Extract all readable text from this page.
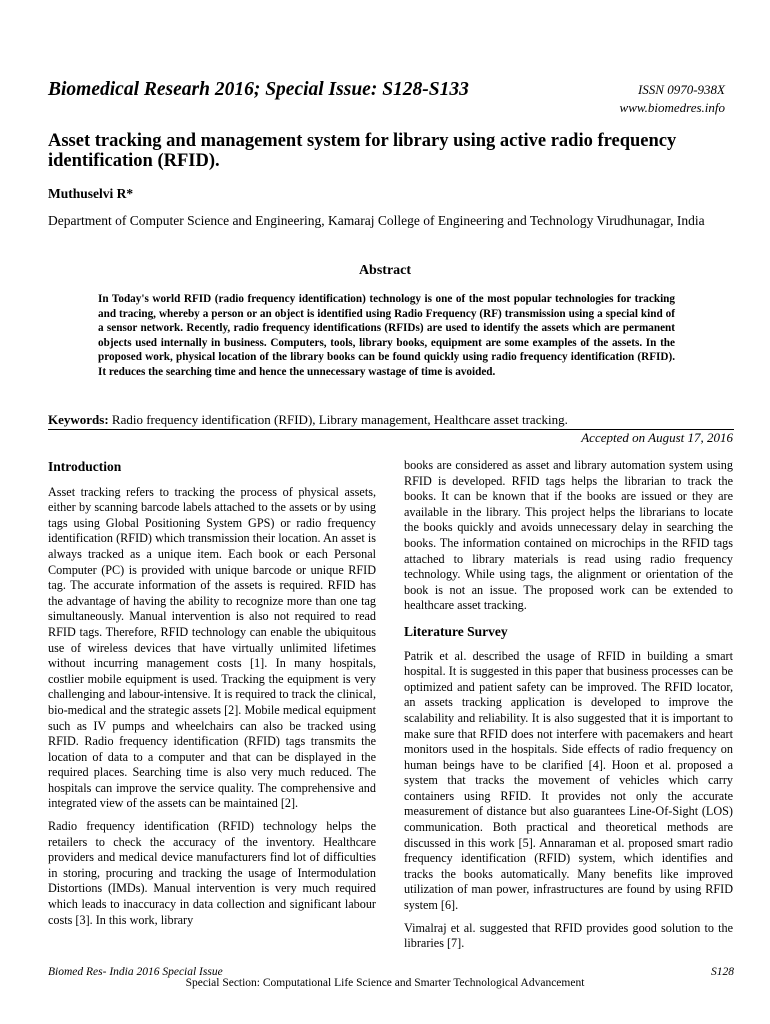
Biomedical Researh 2016; Special Issue: S128-S133	ISSN 0970-938X
www.biomedres.info
Asset tracking and management system for library using active radio frequency identification (RFID).
Muthuselvi R*
Department of Computer Science and Engineering, Kamaraj College of Engineering and Technology Virudhunagar, India
Abstract
In Today's world RFID (radio frequency identification) technology is one of the most popular technologies for tracking and tracing, whereby a person or an object is identified using Radio Frequency (RF) transmission using a special kind of a sensor network. Recently, radio frequency identifications (RFIDs) are used to identify the assets which are permanent objects used internally in business. Computers, tools, library books, equipment are some examples of the assets. In the proposed work, physical location of the library books can be found quickly using radio frequency identification (RFID). It reduces the searching time and hence the unnecessary wastage of time is avoided.
Keywords: Radio frequency identification (RFID), Library management, Healthcare asset tracking.
Accepted on August 17, 2016
Introduction

Asset tracking refers to tracking the process of physical assets, either by scanning barcode labels attached to the assets or by using tags using Global Positioning System GPS) or radio frequency identification (RFID) which transmission their location. An asset is always tracked as a unique item. Each book or each Personal Computer (PC) is provided with unique barcode or unique RFID tag. The accurate information of the assets is required. RFID has the advantage of having the ability to recognize more than one tag simultaneously. Manual intervention is also not required to read RFID tags. Therefore, RFID technology can enable the ubiquitous use of wireless devices that have virtually unlimited lifetimes without incurring management costs [1]. In many hospitals, costlier mobile equipment is used. Tracking the equipment is very challenging and labour-intensive. It is required to track the clinical, bio-medical and the strategic assets [2]. Mobile medical equipment such as IV pumps and wheelchairs can also be tracked using RFID. Radio frequency identification (RFID) tags transmits the location of data to a computer and that can be displayed in the required places. Searching time is also very much reduced. The hospitals can improve the service quality. The comprehensive and integrated view of the assets can be maintained [2].

Radio frequency identification (RFID) technology helps the retailers to check the accuracy of the inventory. Healthcare providers and medical device manufacturers find lot of difficulties in storing, procuring and tracking the usage of Intermodulation Distortions (IMDs). Manual intervention is very much required which leads to inaccuracy in data collection and significant labour costs [3]. In this work, library

books are considered as asset and library automation system using RFID is developed. RFID tags helps the librarian to track the books. It can be known that if the books are issued or they are available in the library. This project helps the librarians to locate the books quickly and avoids unnecessary delay in searching the books. The information contained on microchips in the RFID tags attached to library materials is read using radio frequency technology. While using tags, the alignment or orientation of the book is not an issue. The proposed work can be extended to healthcare asset tracking.

Literature Survey

Patrik et al. described the usage of RFID in building a smart hospital. It is suggested in this paper that business processes can be optimized and patient safety can be improved. The RFID locator, an assets tracking application is developed to improve the scalability and reliability. It is also suggested that it is important to make sure that RFID does not interfere with pacemakers and heart monitors used in the hospitals. Side effects of radio frequency on human beings have to be clarified [4]. Hoon et al. proposed a system that tracks the movement of vehicles which carry containers using RFID. It provides not only the accurate measurement of distance but also guarantees Line-Of-Sight (LOS) communication. Both practical and theoretical methods are discussed in this work [5]. Annaraman et al. proposed smart radio frequency identification (RFID) system, which identifies and tracks the books automatically. Many benefits like improved utilization of man power, infrastructures are found by using RFID system [6].

Vimalraj et al. suggested that RFID provides good solution to the libraries [7].

Biomed Res- India 2016 Special Issue	S128
Special Section: Computational Life Science and Smarter Technological Advancement
